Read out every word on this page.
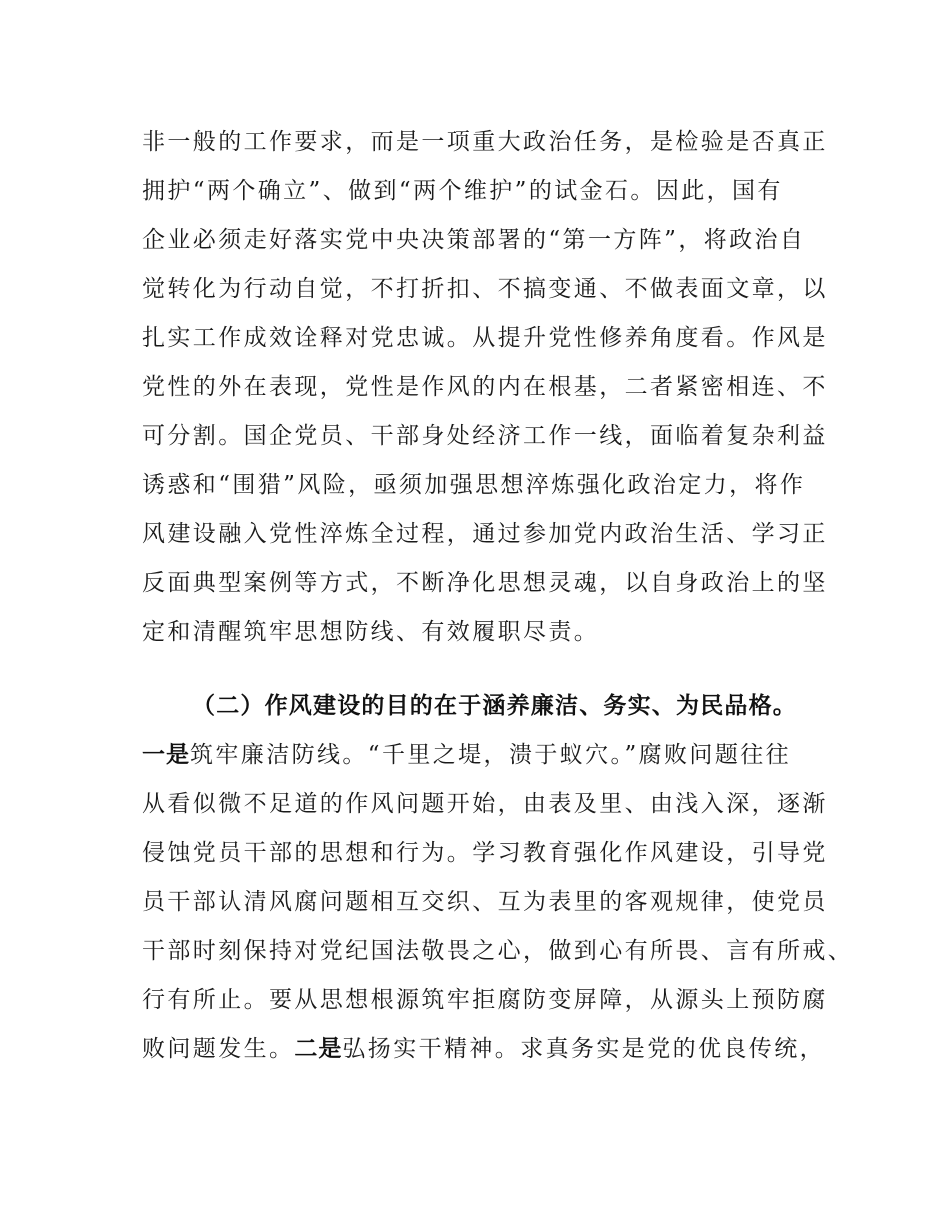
非一般的工作要求，而是一项重大政治任务，是检验是否真正
拥护“两个确立”、做到“两个维护”的试金石。因此，国有
企业必须走好落实党中央决策部署的“第一方阵”，将政治自
觉转化为行动自觉，不打折扣、不搞变通、不做表面文章，以
扎实工作成效诠释对党忠诚。从提升党性修养角度看。作风是
党性的外在表现，党性是作风的内在根基，二者紧密相连、不
可分割。国企党员、干部身处经济工作一线，面临着复杂利益
诱惑和“围猎”风险，亟须加强思想淬炼强化政治定力，将作
风建设融入党性淬炼全过程，通过参加党内政治生活、学习正
反面典型案例等方式，不断净化思想灵魂，以自身政治上的坚
定和清醒筑牢思想防线、有效履职尽责。
（二）作风建设的目的在于涵养廉洁、务实、为民品格。
一是筑牢廉洁防线。“千里之堤，溃于蚁穴。”腐败问题往往
从看似微不足道的作风问题开始，由表及里、由浅入深，逐渐
侵蚀党员干部的思想和行为。学习教育强化作风建设，引导党
员干部认清风腐问题相互交织、互为表里的客观规律，使党员
干部时刻保持对党纪国法敬畏之心，做到心有所畏、言有所戒、
行有所止。要从思想根源筑牢拒腐防变屏障，从源头上预防腐
败问题发生。二是弘扬实干精神。求真务实是党的优良传统，
